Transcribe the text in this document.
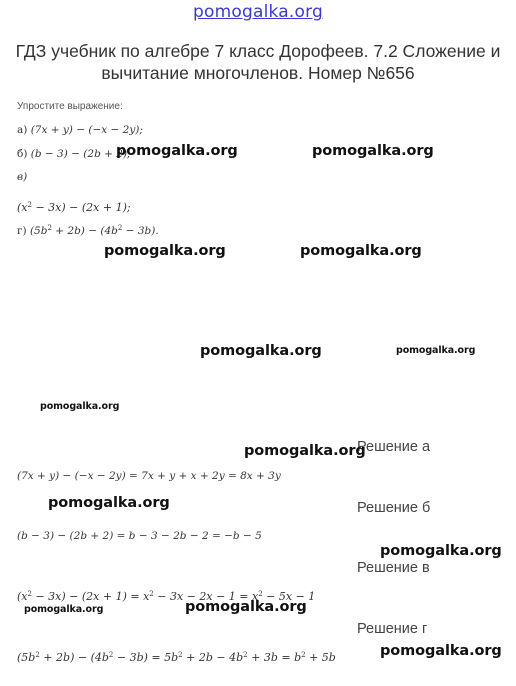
pomogalka.org
ГДЗ учебник по алгебре 7 класс Дорофеев. 7.2 Сложение и
вычитание многочленов. Номер №656
Упростите выражение:
а) (7x + y) − (−x − 2y);
б) (b − 3) − (2b + 2);
в)
$(x^2 - 3x) - (2x + 1)$;
г) $(5b^2 + 2b) - (4b^2 - 3b)$.
Решение а
(7x + y) − (−x − 2y) = 7x + y + x + 2y = 8x + 3y
Решение б
(b − 3) − (2b + 2) = b − 3 − 2b − 2 = −b − 5
Решение в
$(x^2 - 3x) - (2x + 1) = x^2 - 3x - 2x - 1 = x^2 - 5x - 1$
Решение г
$(5b^2 + 2b) - (4b^2 - 3b) = 5b^2 + 2b - 4b^2 + 3b = b^2 + 5b$
pomogalka.org	pomogalka.org
pomogalka.org	pomogalka.org
pomogalka.org	pomogalka.org
pomogalka.org
pomogalka.org
pomogalka.org
pomogalka.org
pomogalka.org	pomogalka.org
pomogalka.org
